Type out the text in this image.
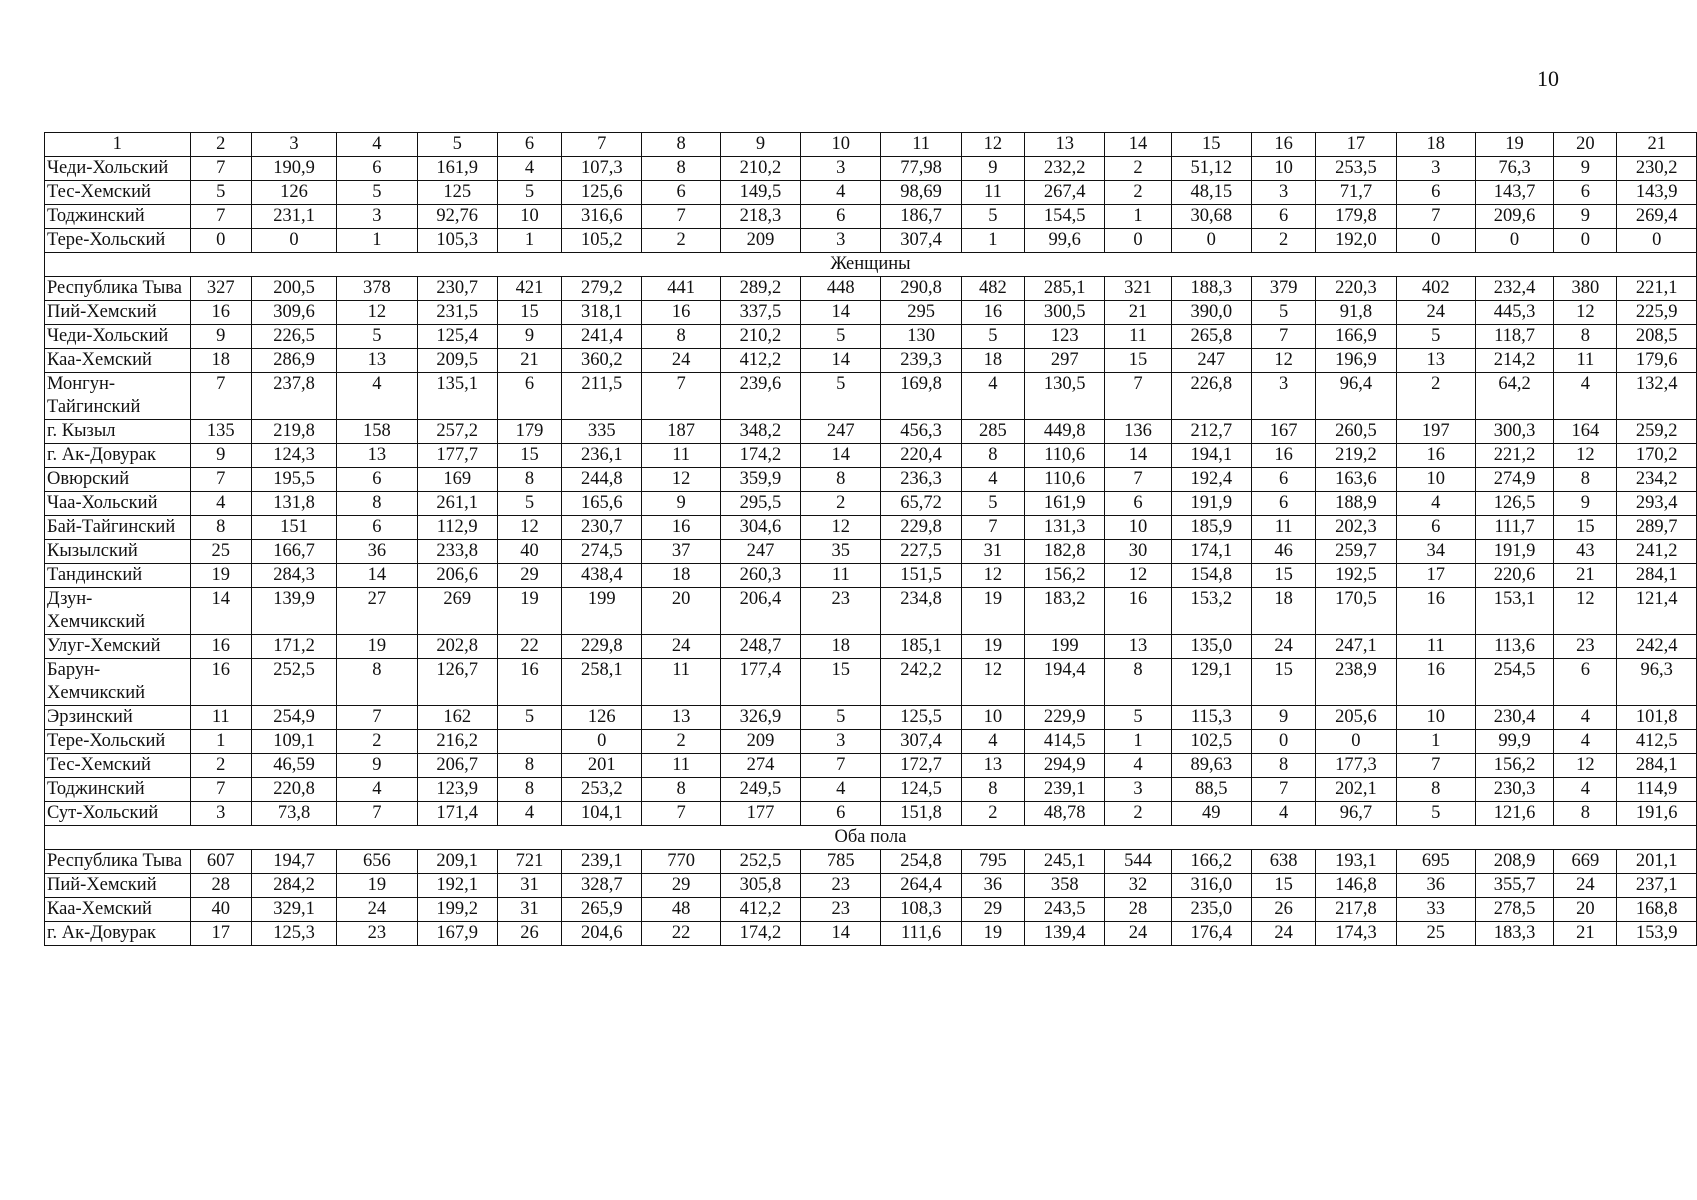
10
1	2	3	4	5	6	7	8	9	10	11	12	13	14	15	16	17	18	19	20	21
Чеди-Хольский	7	190,9	6	161,9	4	107,3	8	210,2	3	77,98	9	232,2	2	51,12	10	253,5	3	76,3	9	230,2
Тес-Хемский	5	126	5	125	5	125,6	6	149,5	4	98,69	11	267,4	2	48,15	3	71,7	6	143,7	6	143,9
Тоджинский	7	231,1	3	92,76	10	316,6	7	218,3	6	186,7	5	154,5	1	30,68	6	179,8	7	209,6	9	269,4
Тере-Хольский	0	0	1	105,3	1	105,2	2	209	3	307,4	1	99,6	0	0	2	192,0	0	0	0	0
Женщины																				
Республика Тыва	327	200,5	378	230,7	421	279,2	441	289,2	448	290,8	482	285,1	321	188,3	379	220,3	402	232,4	380	221,1
Пий-Хемский	16	309,6	12	231,5	15	318,1	16	337,5	14	295	16	300,5	21	390,0	5	91,8	24	445,3	12	225,9
Чеди-Хольский	9	226,5	5	125,4	9	241,4	8	210,2	5	130	5	123	11	265,8	7	166,9	5	118,7	8	208,5
Каа-Хемский	18	286,9	13	209,5	21	360,2	24	412,2	14	239,3	18	297	15	247	12	196,9	13	214,2	11	179,6
Монгун-Тайгинский	7	237,8	4	135,1	6	211,5	7	239,6	5	169,8	4	130,5	7	226,8	3	96,4	2	64,2	4	132,4
г. Кызыл	135	219,8	158	257,2	179	335	187	348,2	247	456,3	285	449,8	136	212,7	167	260,5	197	300,3	164	259,2
г. Ак-Довурак	9	124,3	13	177,7	15	236,1	11	174,2	14	220,4	8	110,6	14	194,1	16	219,2	16	221,2	12	170,2
Овюрский	7	195,5	6	169	8	244,8	12	359,9	8	236,3	4	110,6	7	192,4	6	163,6	10	274,9	8	234,2
Чаа-Хольский	4	131,8	8	261,1	5	165,6	9	295,5	2	65,72	5	161,9	6	191,9	6	188,9	4	126,5	9	293,4
Бай-Тайгинский	8	151	6	112,9	12	230,7	16	304,6	12	229,8	7	131,3	10	185,9	11	202,3	6	111,7	15	289,7
Кызылский	25	166,7	36	233,8	40	274,5	37	247	35	227,5	31	182,8	30	174,1	46	259,7	34	191,9	43	241,2
Тандинский	19	284,3	14	206,6	29	438,4	18	260,3	11	151,5	12	156,2	12	154,8	15	192,5	17	220,6	21	284,1
Дзун-Хемчикский	14	139,9	27	269	19	199	20	206,4	23	234,8	19	183,2	16	153,2	18	170,5	16	153,1	12	121,4
Улуг-Хемский	16	171,2	19	202,8	22	229,8	24	248,7	18	185,1	19	199	13	135,0	24	247,1	11	113,6	23	242,4
Барун-Хемчикский	16	252,5	8	126,7	16	258,1	11	177,4	15	242,2	12	194,4	8	129,1	15	238,9	16	254,5	6	96,3
Эрзинский	11	254,9	7	162	5	126	13	326,9	5	125,5	10	229,9	5	115,3	9	205,6	10	230,4	4	101,8
Тере-Хольский	1	109,1	2	216,2		0	2	209	3	307,4	4	414,5	1	102,5	0	0	1	99,9	4	412,5
Тес-Хемский	2	46,59	9	206,7	8	201	11	274	7	172,7	13	294,9	4	89,63	8	177,3	7	156,2	12	284,1
Тоджинский	7	220,8	4	123,9	8	253,2	8	249,5	4	124,5	8	239,1	3	88,5	7	202,1	8	230,3	4	114,9
Сут-Хольский	3	73,8	7	171,4	4	104,1	7	177	6	151,8	2	48,78	2	49	4	96,7	5	121,6	8	191,6
Оба пола																				
Республика Тыва	607	194,7	656	209,1	721	239,1	770	252,5	785	254,8	795	245,1	544	166,2	638	193,1	695	208,9	669	201,1
Пий-Хемский	28	284,2	19	192,1	31	328,7	29	305,8	23	264,4	36	358	32	316,0	15	146,8	36	355,7	24	237,1
Каа-Хемский	40	329,1	24	199,2	31	265,9	48	412,2	23	108,3	29	243,5	28	235,0	26	217,8	33	278,5	20	168,8
г. Ак-Довурак	17	125,3	23	167,9	26	204,6	22	174,2	14	111,6	19	139,4	24	176,4	24	174,3	25	183,3	21	153,9
